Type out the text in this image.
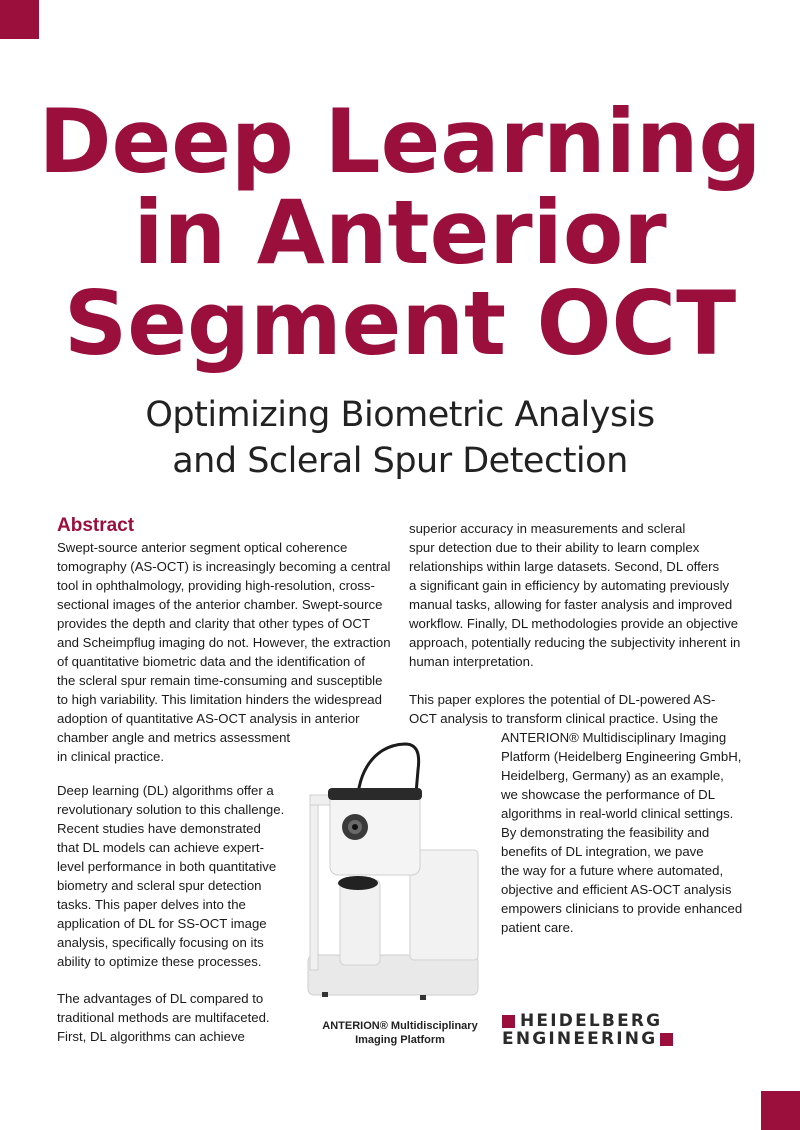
Deep Learning
in Anterior
Segment OCT
Optimizing Biometric Analysis
and Scleral Spur Detection
Abstract
Swept-source anterior segment optical coherence
tomography (AS-OCT) is increasingly becoming a central
tool in ophthalmology, providing high-resolution, cross-
sectional images of the anterior chamber. Swept-source
provides the depth and clarity that other types of OCT
and Scheimpflug imaging do not. However, the extraction
of quantitative biometric data and the identification of
the scleral spur remain time-consuming and susceptible
to high variability. This limitation hinders the widespread
adoption of quantitative AS-OCT analysis in anterior
chamber angle and metrics assessment
in clinical practice.
Deep learning (DL) algorithms offer a
revolutionary solution to this challenge.
Recent studies have demonstrated
that DL models can achieve expert-
level performance in both quantitative
biometry and scleral spur detection
tasks. This paper delves into the
application of DL for SS-OCT image
analysis, specifically focusing on its
ability to optimize these processes.
The advantages of DL compared to
traditional methods are multifaceted.
First, DL algorithms can achieve
superior accuracy in measurements and scleral
spur detection due to their ability to learn complex
relationships within large datasets. Second, DL offers
a significant gain in efficiency by automating previously
manual tasks, allowing for faster analysis and improved
workflow. Finally, DL methodologies provide an objective
approach, potentially reducing the subjectivity inherent in
human interpretation.
This paper explores the potential of DL-powered AS-
OCT analysis to transform clinical practice. Using the
ANTERION® Multidisciplinary Imaging
Platform (Heidelberg Engineering GmbH,
Heidelberg, Germany) as an example,
we showcase the performance of DL
algorithms in real-world clinical settings.
By demonstrating the feasibility and
benefits of DL integration, we pave
the way for a future where automated,
objective and efficient AS-OCT analysis
empowers clinicians to provide enhanced
patient care.
ANTERION® Multidisciplinary
Imaging Platform
HEIDELBERG
ENGINEERING
